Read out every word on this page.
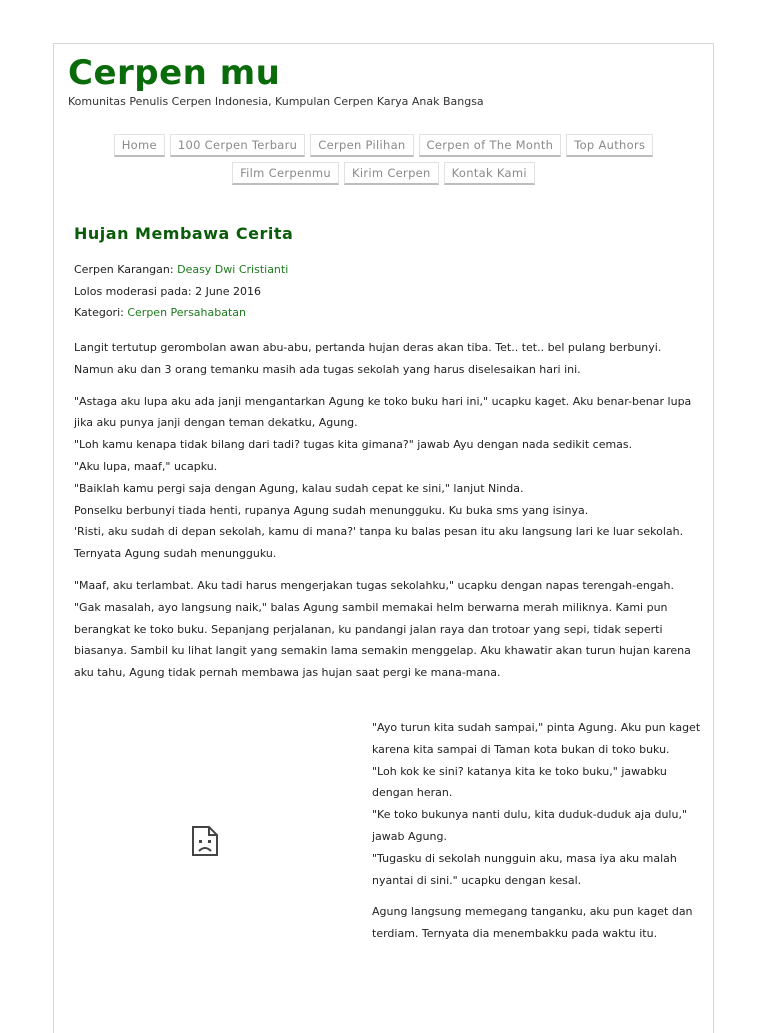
Cerpen mu
Komunitas Penulis Cerpen Indonesia, Kumpulan Cerpen Karya Anak Bangsa
Home	100 Cerpen Terbaru	Cerpen Pilihan	Cerpen of The Month	Top Authors
Film Cerpenmu	Kirim Cerpen	Kontak Kami
Hujan Membawa Cerita
Cerpen Karangan: Deasy Dwi Cristianti
Lolos moderasi pada: 2 June 2016
Kategori: Cerpen Persahabatan

Langit tertutup gerombolan awan abu-abu, pertanda hujan deras akan tiba. Tet.. tet.. bel pulang berbunyi. Namun aku dan 3 orang temanku masih ada tugas sekolah yang harus diselesaikan hari ini.

"Astaga aku lupa aku ada janji mengantarkan Agung ke toko buku hari ini," ucapku kaget. Aku benar-benar lupa jika aku punya janji dengan teman dekatku, Agung.
"Loh kamu kenapa tidak bilang dari tadi? tugas kita gimana?" jawab Ayu dengan nada sedikit cemas.
"Aku lupa, maaf," ucapku.
"Baiklah kamu pergi saja dengan Agung, kalau sudah cepat ke sini," lanjut Ninda.
Ponselku berbunyi tiada henti, rupanya Agung sudah menungguku. Ku buka sms yang isinya.
'Risti, aku sudah di depan sekolah, kamu di mana?' tanpa ku balas pesan itu aku langsung lari ke luar sekolah. Ternyata Agung sudah menungguku.

"Maaf, aku terlambat. Aku tadi harus mengerjakan tugas sekolahku," ucapku dengan napas terengah-engah.
"Gak masalah, ayo langsung naik," balas Agung sambil memakai helm berwarna merah miliknya. Kami pun berangkat ke toko buku. Sepanjang perjalanan, ku pandangi jalan raya dan trotoar yang sepi, tidak seperti biasanya. Sambil ku lihat langit yang semakin lama semakin menggelap. Aku khawatir akan turun hujan karena aku tahu, Agung tidak pernah membawa jas hujan saat pergi ke mana-mana.

"Ayo turun kita sudah sampai," pinta Agung. Aku pun kaget karena kita sampai di Taman kota bukan di toko buku.
"Loh kok ke sini? katanya kita ke toko buku," jawabku dengan heran.
"Ke toko bukunya nanti dulu, kita duduk-duduk aja dulu," jawab Agung.
"Tugasku di sekolah nungguin aku, masa iya aku malah nyantai di sini." ucapku dengan kesal.

Agung langsung memegang tanganku, aku pun kaget dan terdiam. Ternyata dia menembakku pada waktu itu.
